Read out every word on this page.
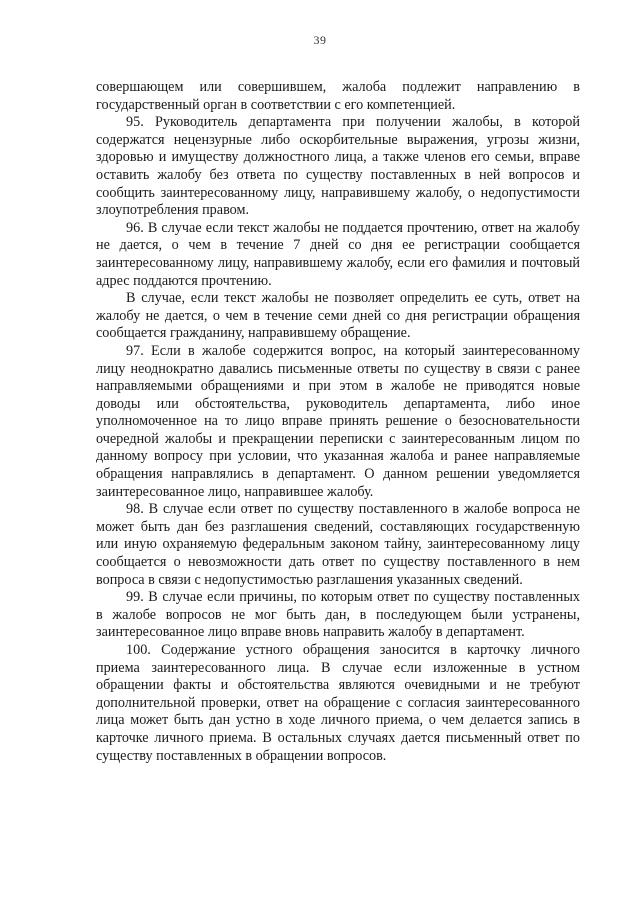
39

совершающем или совершившем, жалоба подлежит направлению в государственный орган в соответствии с его компетенцией.

95. Руководитель департамента при получении жалобы, в которой содержатся нецензурные либо оскорбительные выражения, угрозы жизни, здоровью и имуществу должностного лица, а также членов его семьи, вправе оставить жалобу без ответа по существу поставленных в ней вопросов и сообщить заинтересованному лицу, направившему жалобу, о недопустимости злоупотребления правом.

96. В случае если текст жалобы не поддается прочтению, ответ на жалобу не дается, о чем в течение 7 дней со дня ее регистрации сообщается заинтересованному лицу, направившему жалобу, если его фамилия и почтовый адрес поддаются прочтению.

В случае, если текст жалобы не позволяет определить ее суть, ответ на жалобу не дается, о чем в течение семи дней со дня регистрации обращения сообщается гражданину, направившему обращение.

97. Если в жалобе содержится вопрос, на который заинтересованному лицу неоднократно давались письменные ответы по существу в связи с ранее направляемыми обращениями и при этом в жалобе не приводятся новые доводы или обстоятельства, руководитель департамента, либо иное уполномоченное на то лицо вправе принять решение о безосновательности очередной жалобы и прекращении переписки с заинтересованным лицом по данному вопросу при условии, что указанная жалоба и ранее направляемые обращения направлялись в департамент. О данном решении уведомляется заинтересованное лицо, направившее жалобу.

98. В случае если ответ по существу поставленного в жалобе вопроса не может быть дан без разглашения сведений, составляющих государственную или иную охраняемую федеральным законом тайну, заинтересованному лицу сообщается о невозможности дать ответ по существу поставленного в нем вопроса в связи с недопустимостью разглашения указанных сведений.

99. В случае если причины, по которым ответ по существу поставленных в жалобе вопросов не мог быть дан, в последующем были устранены, заинтересованное лицо вправе вновь направить жалобу в департамент.

100. Содержание устного обращения заносится в карточку личного приема заинтересованного лица. В случае если изложенные в устном обращении факты и обстоятельства являются очевидными и не требуют дополнительной проверки, ответ на обращение с согласия заинтересованного лица может быть дан устно в ходе личного приема, о чем делается запись в карточке личного приема. В остальных случаях дается письменный ответ по существу поставленных в обращении вопросов.
